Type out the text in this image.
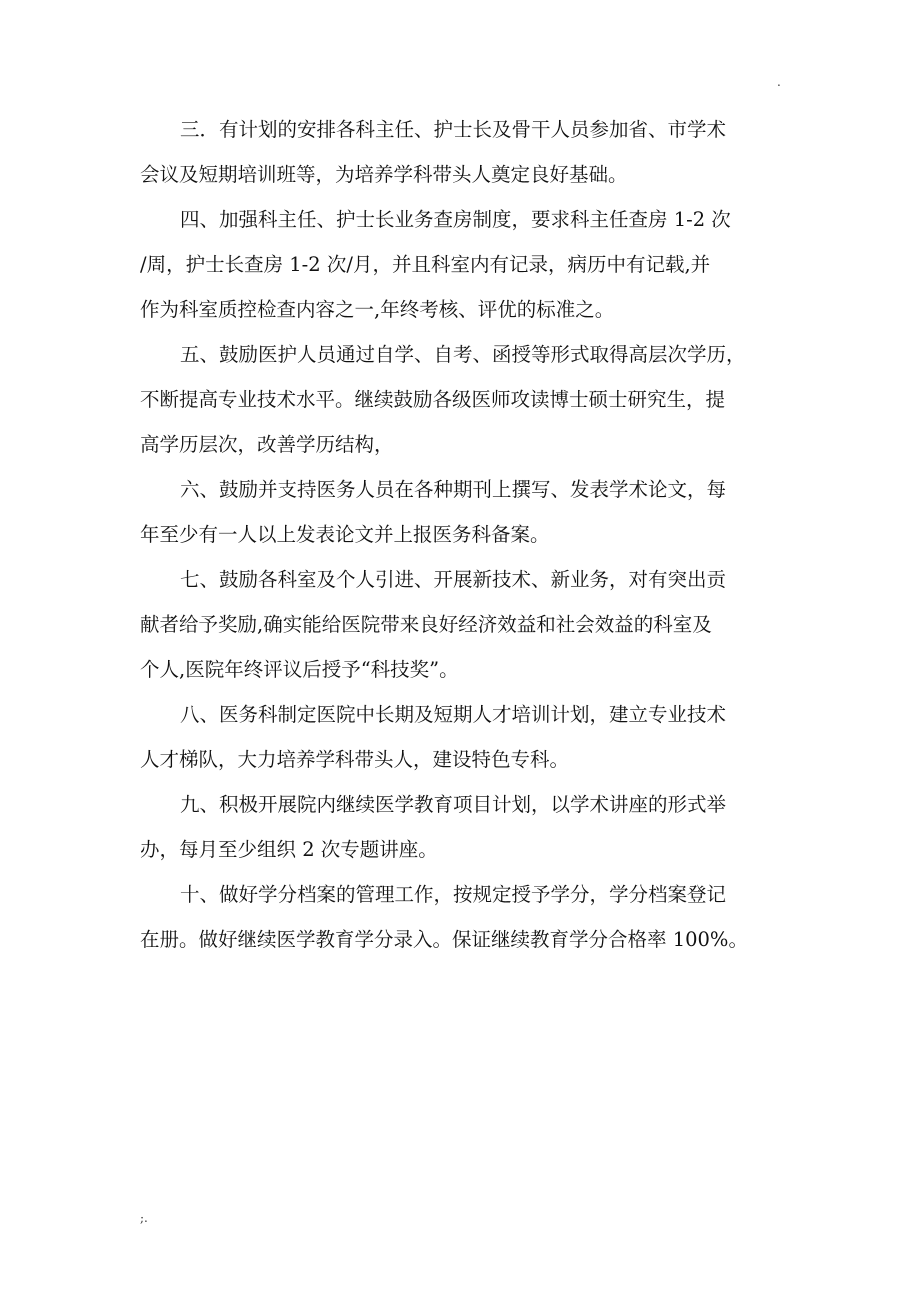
.
三．有计划的安排各科主任、护士长及骨干人员参加省、市学术
会议及短期培训班等，为培养学科带头人奠定良好基础。
四、加强科主任、护士长业务查房制度，要求科主任查房 1-2 次
/周，护士长查房 1-2 次/月，并且科室内有记录，病历中有记载,并
作为科室质控检查内容之一,年终考核、评优的标准之。
五、鼓励医护人员通过自学、自考、函授等形式取得高层次学历，
不断提高专业技术水平。继续鼓励各级医师攻读博士硕士研究生，提
高学历层次，改善学历结构，
六、鼓励并支持医务人员在各种期刊上撰写、发表学术论文，每
年至少有一人以上发表论文并上报医务科备案。
七、鼓励各科室及个人引进、开展新技术、新业务，对有突出贡
献者给予奖励,确实能给医院带来良好经济效益和社会效益的科室及
个人,医院年终评议后授予“科技奖”。
八、医务科制定医院中长期及短期人才培训计划，建立专业技术
人才梯队，大力培养学科带头人，建设特色专科。
九、积极开展院内继续医学教育项目计划，以学术讲座的形式举
办，每月至少组织 2 次专题讲座。
十、做好学分档案的管理工作，按规定授予学分，学分档案登记
在册。做好继续医学教育学分录入。保证继续教育学分合格率 100%。
;.
